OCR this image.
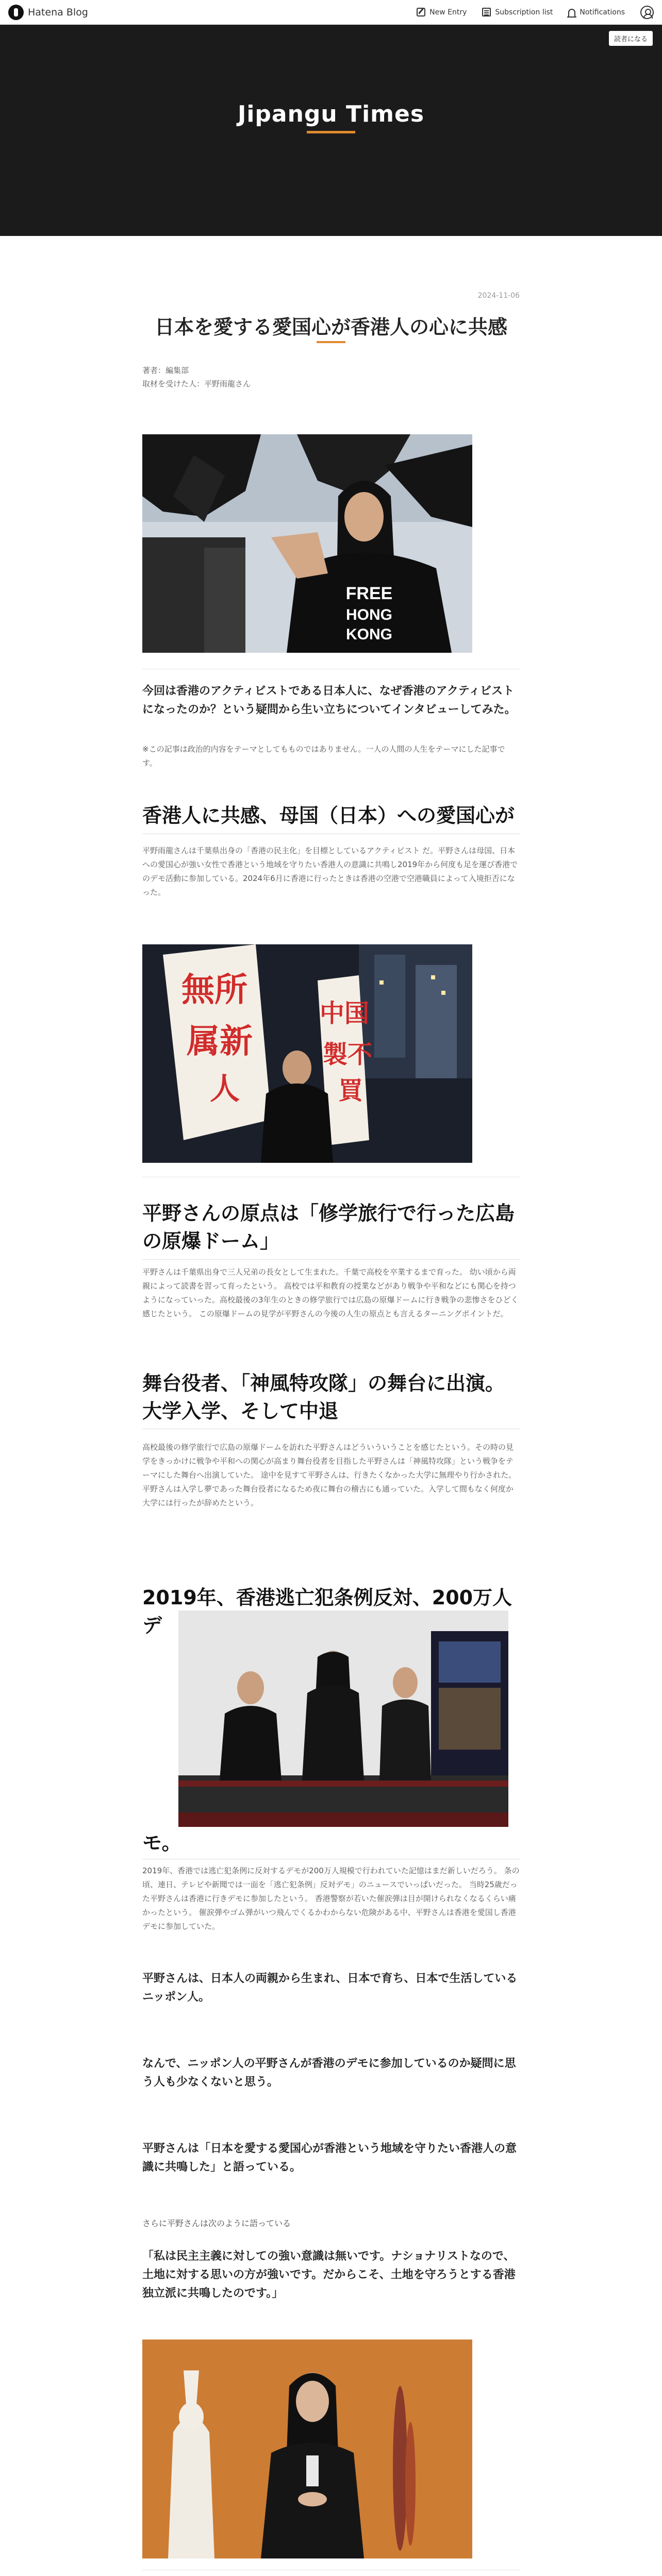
Hatena Blog	New Entry	Subscription list	Notifications
読者になる
Jipangu Times
2024-11-06
日本を愛する愛国心が香港人の心に共感
著者：編集部
取材を受けた人：平野雨龍さん
FREE
HONG
KONG

今回は香港のアクティビストである日本人に、なぜ香港のアクティビストになったのか？という疑問から生い立ちについてインタビューしてみた。

※この記事は政治的内容をテーマとしてもものではありません。一人の人間の人生をテーマにした記事です。

香港人に共感、母国（日本）への愛国心が

平野雨龍さんは千葉県出身の「香港の民主化」を目標としているアクティビスト だ。平野さんは母国、日本への愛国心が強い女性で香港という地域を守りたい香港人の意識に共鳴し2019年から何度も足を運び香港でのデモ活動に参加している。2024年6月に香港に行ったときは香港の空港で空港職員によって入境拒否になった。

無所
属新
人
中国
製不
買
平野さんの原点は「修学旅行で行った広島の原爆ドーム」

平野さんは千葉県出身で三人兄弟の長女として生まれた。千葉で高校を卒業するまで育った。 幼い頃から両親によって読書を習って育ったという。 高校では平和教育の授業などがあり戦争や平和などにも関心を持つようになっていった。高校最後の3年生のときの修学旅行では広島の原爆ドームに行き戦争の悲惨さをひどく感じたという。 この原爆ドームの見学が平野さんの今後の人生の原点とも言えるターニングポイントだ。

舞台役者、「神風特攻隊」の舞台に出演。大学入学、そして中退

高校最後の修学旅行で広島の原爆ドームを訪れた平野さんはどういういうことを感じたという。その時の見学をきっかけに戦争や平和への関心が高まり舞台役者を目指した平野さんは「神風特攻隊」という戦争をテーマにした舞台へ出演していた。 途中を見すて平野さんは、行きたくなかった大学に無理やり行かされた。平野さんは入学し夢であった舞台役者になるため夜に舞台の稽古にも通っていた。入学して間もなく何度か大学には行ったが辞めたという。

2019年、香港逃亡犯条例反対、200万人デ
モ。

2019年、香港では逃亡犯条例に反対するデモが200万人規模で行われていた記憶はまだ新しいだろう。 条の頃、連日、テレビや新聞では一面を「逃亡犯条例」反対デモ」のニュースでいっぱいだった。 当時25歳だった平野さんは香港に行きデモに参加したという。 香港警察が若いた催涙弾は目が開けられなくなるくらい痛かったという。 催涙弾やゴム弾がいつ飛んでくるかわからない危険がある中、平野さんは香港を愛国し香港デモに参加していた。

平野さんは、日本人の両親から生まれ、日本で育ち、日本で生活しているニッポン人。

なんで、ニッポン人の平野さんが香港のデモに参加しているのか疑問に思う人も少なくないと思う。

平野さんは「日本を愛する愛国心が香港という地域を守りたい香港人の意識に共鳴した」と語っている。

さらに平野さんは次のように語っている

「私は民主主義に対しての強い意識は無いです。ナショナリストなので、土地に対する思いの方が強いです。だからこそ、土地を守ろうとする香港独立派に共鳴したのです。」
